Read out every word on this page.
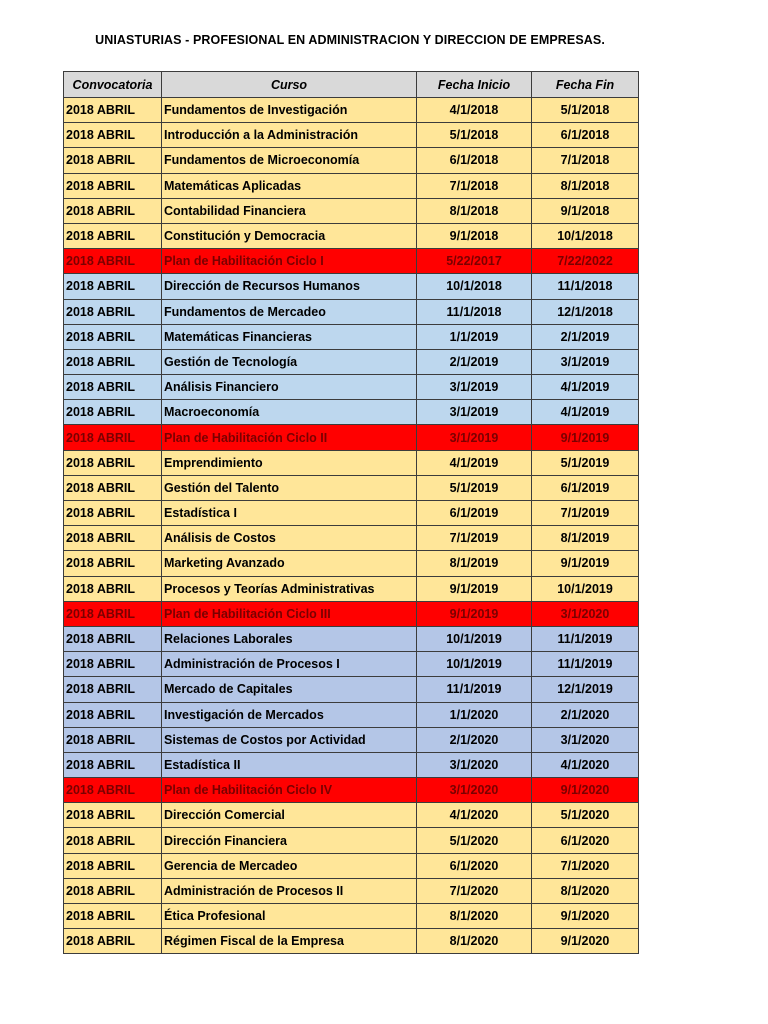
UNIASTURIAS - PROFESIONAL EN ADMINISTRACION Y DIRECCION DE EMPRESAS.
Convocatoria	Curso	Fecha Inicio	Fecha Fin
2018 ABRIL	Fundamentos de Investigación	4/1/2018	5/1/2018
2018 ABRIL	Introducción a la Administración	5/1/2018	6/1/2018
2018 ABRIL	Fundamentos de Microeconomía	6/1/2018	7/1/2018
2018 ABRIL	Matemáticas Aplicadas	7/1/2018	8/1/2018
2018 ABRIL	Contabilidad Financiera	8/1/2018	9/1/2018
2018 ABRIL	Constitución y Democracia	9/1/2018	10/1/2018
2018 ABRIL	Plan de Habilitación Ciclo I	5/22/2017	7/22/2022
2018 ABRIL	Dirección de Recursos Humanos	10/1/2018	11/1/2018
2018 ABRIL	Fundamentos de Mercadeo	11/1/2018	12/1/2018
2018 ABRIL	Matemáticas Financieras	1/1/2019	2/1/2019
2018 ABRIL	Gestión de Tecnología	2/1/2019	3/1/2019
2018 ABRIL	Análisis Financiero	3/1/2019	4/1/2019
2018 ABRIL	Macroeconomía	3/1/2019	4/1/2019
2018 ABRIL	Plan de Habilitación Ciclo II	3/1/2019	9/1/2019
2018 ABRIL	Emprendimiento	4/1/2019	5/1/2019
2018 ABRIL	Gestión del Talento	5/1/2019	6/1/2019
2018 ABRIL	Estadística I	6/1/2019	7/1/2019
2018 ABRIL	Análisis de Costos	7/1/2019	8/1/2019
2018 ABRIL	Marketing Avanzado	8/1/2019	9/1/2019
2018 ABRIL	Procesos y Teorías Administrativas	9/1/2019	10/1/2019
2018 ABRIL	Plan de Habilitación Ciclo III	9/1/2019	3/1/2020
2018 ABRIL	Relaciones Laborales	10/1/2019	11/1/2019
2018 ABRIL	Administración de Procesos I	10/1/2019	11/1/2019
2018 ABRIL	Mercado de Capitales	11/1/2019	12/1/2019
2018 ABRIL	Investigación de Mercados	1/1/2020	2/1/2020
2018 ABRIL	Sistemas de Costos por Actividad	2/1/2020	3/1/2020
2018 ABRIL	Estadística II	3/1/2020	4/1/2020
2018 ABRIL	Plan de Habilitación Ciclo IV	3/1/2020	9/1/2020
2018 ABRIL	Dirección Comercial	4/1/2020	5/1/2020
2018 ABRIL	Dirección Financiera	5/1/2020	6/1/2020
2018 ABRIL	Gerencia de Mercadeo	6/1/2020	7/1/2020
2018 ABRIL	Administración de Procesos II	7/1/2020	8/1/2020
2018 ABRIL	Ética Profesional	8/1/2020	9/1/2020
2018 ABRIL	Régimen Fiscal de la Empresa	8/1/2020	9/1/2020
